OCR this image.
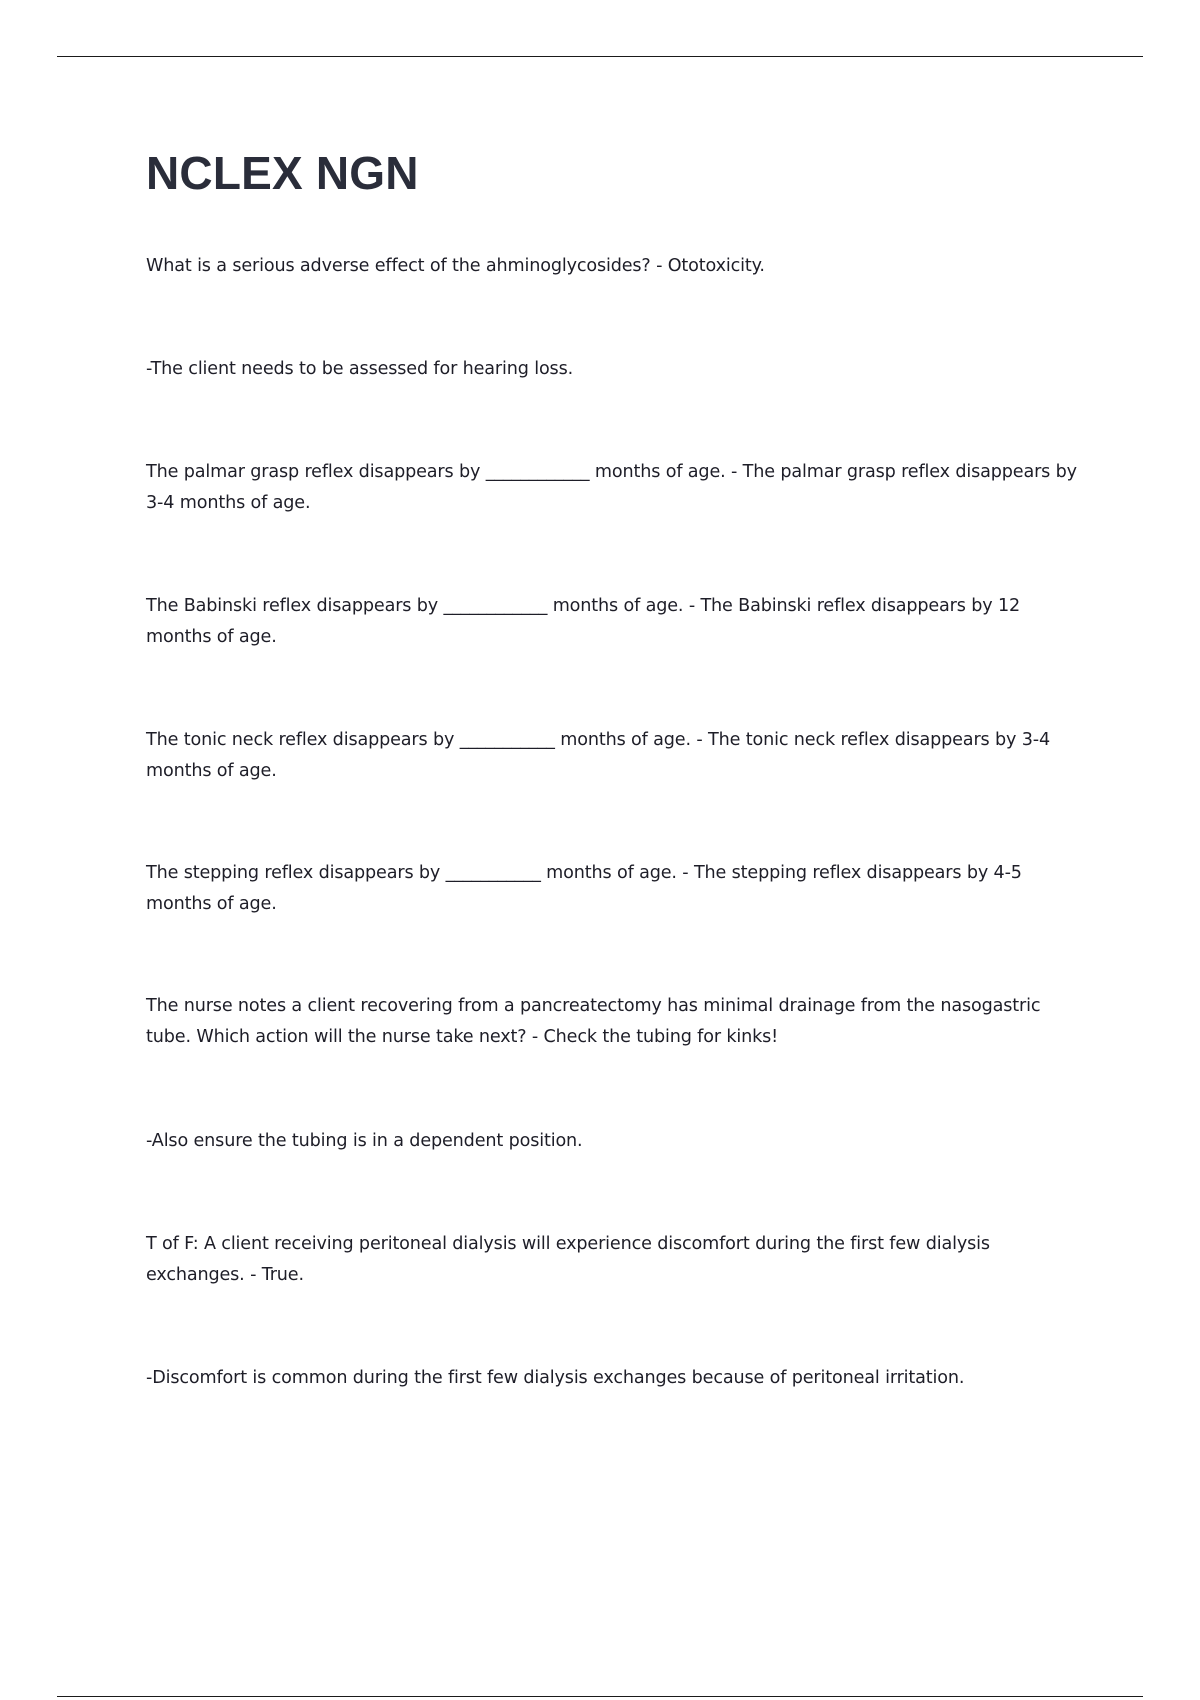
NCLEX NGN

What is a serious adverse effect of the ahminoglycosides? - Ototoxicity.

-The client needs to be assessed for hearing loss.

The palmar grasp reflex disappears by ____________ months of age. - The palmar grasp reflex disappears by 3-4 months of age.

The Babinski reflex disappears by ____________ months of age. - The Babinski reflex disappears by 12 months of age.

The tonic neck reflex disappears by ___________ months of age. - The tonic neck reflex disappears by 3-4 months of age.

The stepping reflex disappears by ___________ months of age. - The stepping reflex disappears by 4-5 months of age.

The nurse notes a client recovering from a pancreatectomy has minimal drainage from the nasogastric tube. Which action will the nurse take next? - Check the tubing for kinks!

-Also ensure the tubing is in a dependent position.

T of F: A client receiving peritoneal dialysis will experience discomfort during the first few dialysis exchanges. - True.

-Discomfort is common during the first few dialysis exchanges because of peritoneal irritation.
